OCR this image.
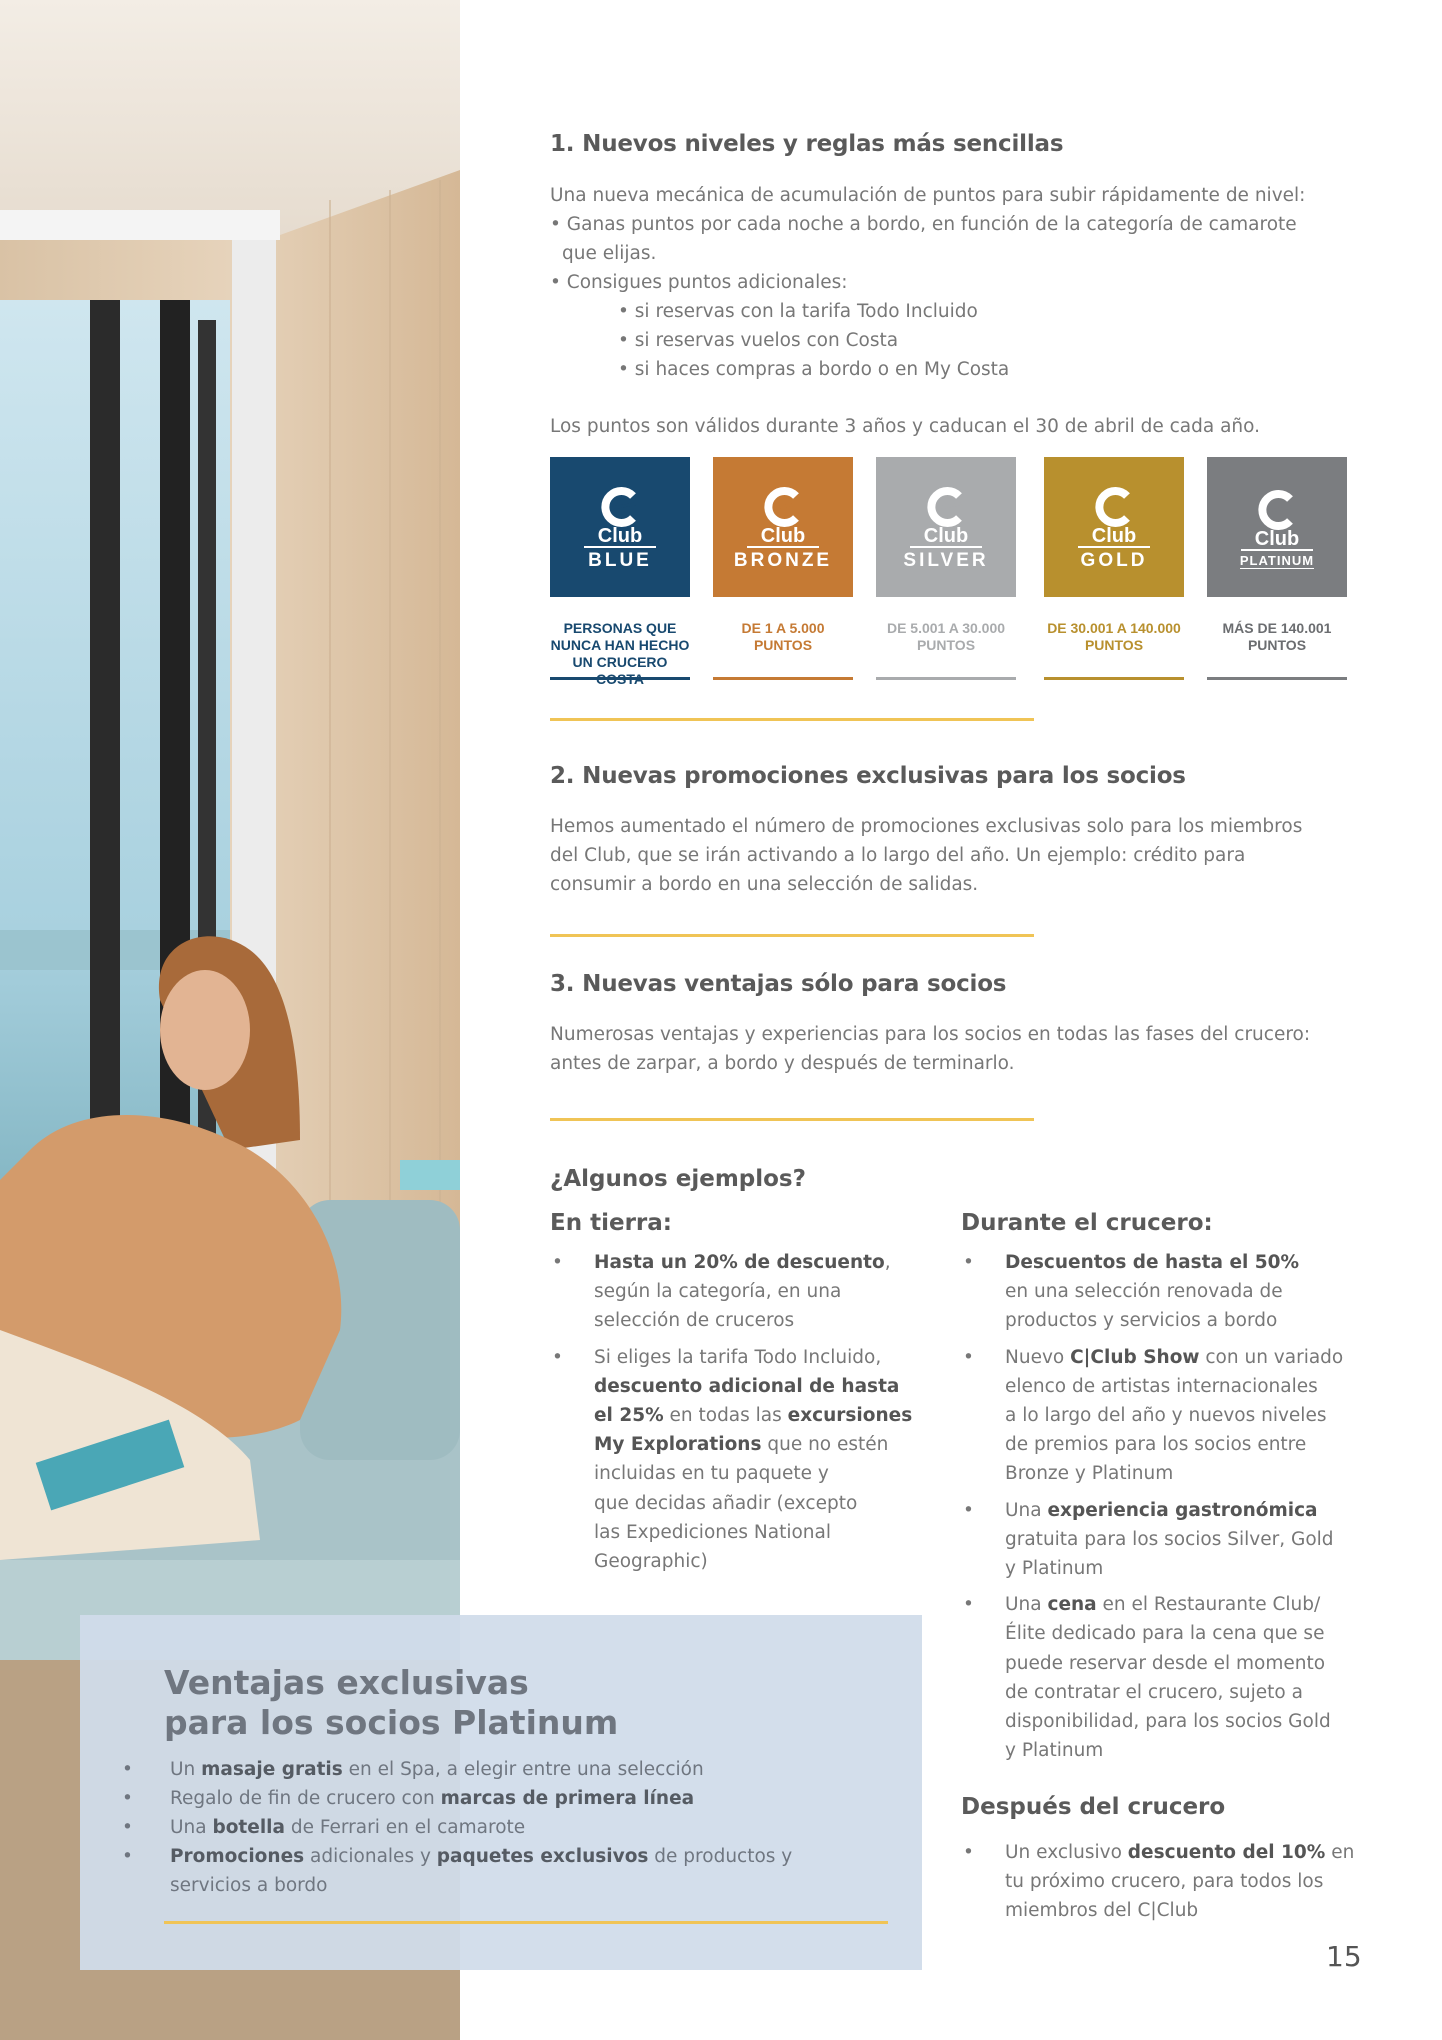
1. Nuevos niveles y reglas más sencillas
Una nueva mecánica de acumulación de puntos para subir rápidamente de nivel:
• Ganas puntos por cada noche a bordo, en función de la categoría de camarote
que elijas.
• Consigues puntos adicionales:
• si reservas con la tarifa Todo Incluido
• si reservas vuelos con Costa
• si haces compras a bordo o en My Costa
Los puntos son válidos durante 3 años y caducan el 30 de abril de cada año.
Club
BLUE
PERSONAS QUE
NUNCA HAN HECHO
UN CRUCERO
Club
BRONZE
DE 1 A 5.000
PUNTOS
Club
SILVER
DE 5.001 A 30.000
PUNTOS
Club
GOLD
DE 30.001 A 140.000
PUNTOS
Club
PLATINUM
MÁS DE 140.001
PUNTOS
2. Nuevas promociones exclusivas para los socios
Hemos aumentado el número de promociones exclusivas solo para los miembros
del Club, que se irán activando a lo largo del año. Un ejemplo: crédito para
consumir a bordo en una selección de salidas.
3. Nuevas ventajas sólo para socios
Numerosas ventajas y experiencias para los socios en todas las fases del crucero:
antes de zarpar, a bordo y después de terminarlo.
¿Algunos ejemplos?
En tierra:	Durante el crucero:
• Hasta un 20% de descuento,
según la categoría, en una
selección de cruceros
• Si eliges la tarifa Todo Incluido,
descuento adicional de hasta
el 25% en todas las excursiones
My Explorations que no estén
incluidas en tu paquete y
que decidas añadir (excepto
las Expediciones National
Geographic)
• Descuentos de hasta el 50%
en una selección renovada de
productos y servicios a bordo
• Nuevo C|Club Show con un variado
elenco de artistas internacionales
a lo largo del año y nuevos niveles
de premios para los socios entre
Bronze y Platinum
• Una experiencia gastronómica
gratuita para los socios Silver, Gold
y Platinum
• Una cena en el Restaurante Club/
Élite dedicado para la cena que se
puede reservar desde el momento
de contratar el crucero, sujeto a
disponibilidad, para los socios Gold
y Platinum
Después del crucero
• Un exclusivo descuento del 10% en
tu próximo crucero, para todos los
miembros del C|Club
Ventajas exclusivas
para los socios Platinum
• Un masaje gratis en el Spa, a elegir entre una selección
• Regalo de fin de crucero con marcas de primera línea
• Una botella de Ferrari en el camarote
• Promociones adicionales y paquetes exclusivos de productos y
servicios a bordo
15
